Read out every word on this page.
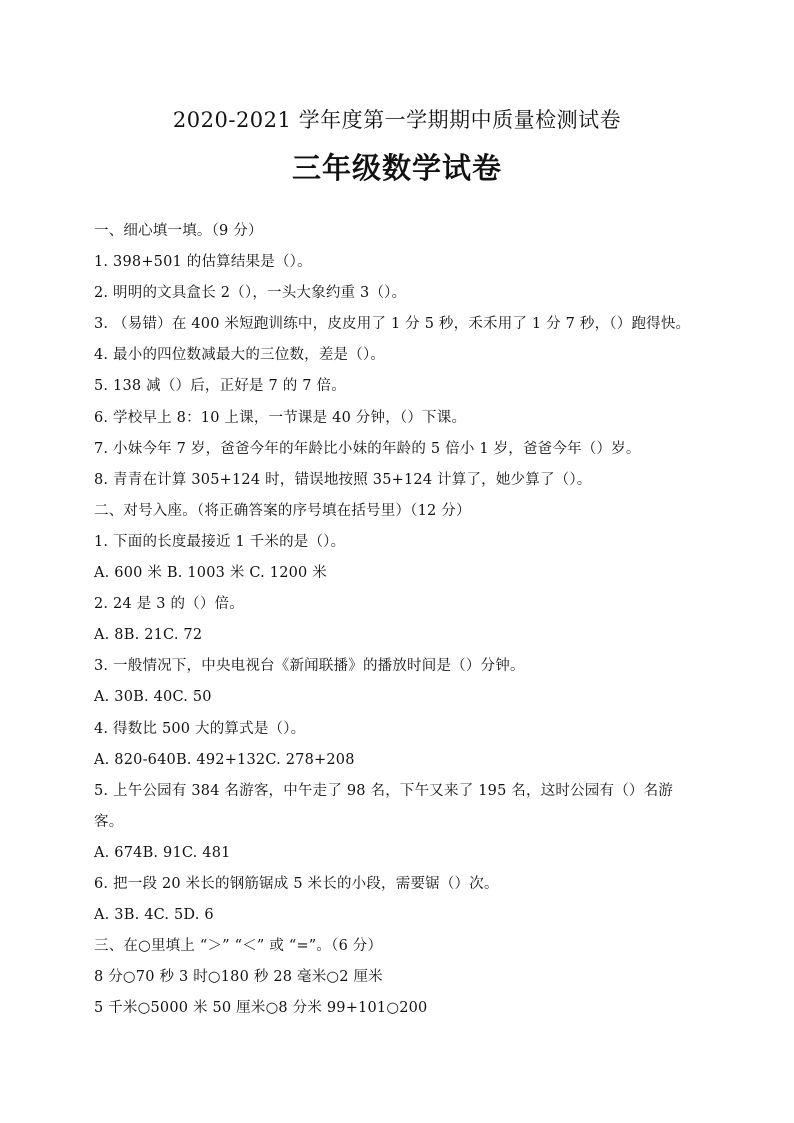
2020-2021 学年度第一学期期中质量检测试卷
三年级数学试卷
一、细心填一填。（9 分）
1. 398+501 的估算结果是（）。
2. 明明的文具盒长 2（），一头大象约重 3（）。
3. （易错）在 400 米短跑训练中，皮皮用了 1 分 5 秒，禾禾用了 1 分 7 秒，（）跑得快。
4. 最小的四位数减最大的三位数，差是（）。
5. 138 减（）后，正好是 7 的 7 倍。
6. 学校早上 8：10 上课，一节课是 40 分钟，（）下课。
7. 小妹今年 7 岁，爸爸今年的年龄比小妹的年龄的 5 倍小 1 岁，爸爸今年（）岁。
8. 青青在计算 305+124 时，错误地按照 35+124 计算了，她少算了（）。
二、对号入座。（将正确答案的序号填在括号里）（12 分）
1. 下面的长度最接近 1 千米的是（）。
A. 600 米 B. 1003 米 C. 1200 米
2. 24 是 3 的（）倍。
A. 8B. 21C. 72
3. 一般情况下，中央电视台《新闻联播》的播放时间是（）分钟。
A. 30B. 40C. 50
4. 得数比 500 大的算式是（）。
A. 820-640B. 492+132C. 278+208
5. 上午公园有 384 名游客，中午走了 98 名，下午又来了 195 名，这时公园有（）名游
客。
A. 674B. 91C. 481
6. 把一段 20 米长的钢筋锯成 5 米长的小段，需要锯（）次。
A. 3B. 4C. 5D. 6
三、在○里填上 “＞” “＜” 或 “=”。（6 分）
8 分○70 秒 3 时○180 秒 28 毫米○2 厘米
5 千米○5000 米 50 厘米○8 分米 99+101○200
